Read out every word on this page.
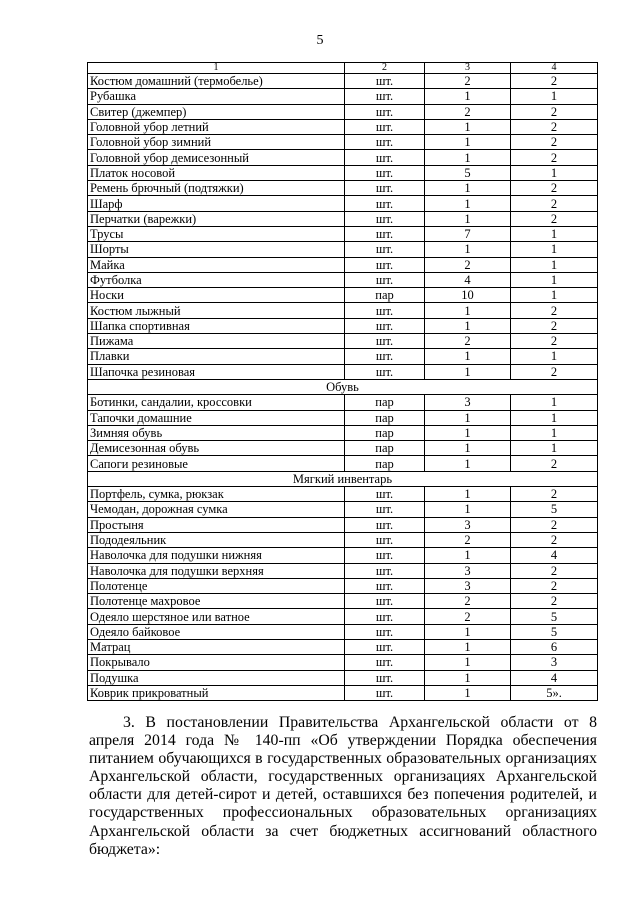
5
1	2	3	4
Костюм домашний (термобелье)	шт.	2	2
Рубашка	шт.	1	1
Свитер (джемпер)	шт.	2	2
Головной убор летний	шт.	1	2
Головной убор зимний	шт.	1	2
Головной убор демисезонный	шт.	1	2
Платок носовой	шт.	5	1
Ремень брючный (подтяжки)	шт.	1	2
Шарф	шт.	1	2
Перчатки (варежки)	шт.	1	2
Трусы	шт.	7	1
Шорты	шт.	1	1
Майка	шт.	2	1
Футболка	шт.	4	1
Носки	пар	10	1
Костюм лыжный	шт.	1	2
Шапка спортивная	шт.	1	2
Пижама	шт.	2	2
Плавки	шт.	1	1
Шапочка резиновая	шт.	1	2
Обувь			
Ботинки, сандалии, кроссовки	пар	3	1
Тапочки домашние	пар	1	1
Зимняя обувь	пар	1	1
Демисезонная обувь	пар	1	1
Сапоги резиновые	пар	1	2
Мягкий инвентарь			
Портфель, сумка, рюкзак	шт.	1	2
Чемодан, дорожная сумка	шт.	1	5
Простыня	шт.	3	2
Пододеяльник	шт.	2	2
Наволочка для подушки нижняя	шт.	1	4
Наволочка для подушки верхняя	шт.	3	2
Полотенце	шт.	3	2
Полотенце махровое	шт.	2	2
Одеяло шерстяное или ватное	шт.	2	5
Одеяло байковое	шт.	1	5
Матрац	шт.	1	6
Покрывало	шт.	1	3
Подушка	шт.	1	4
Коврик прикроватный	шт.	1	5».
3. В постановлении Правительства Архангельской области от 8 апреля 2014 года № 140-пп «Об утверждении Порядка обеспечения питанием обучающихся в государственных образовательных организациях Архангельской области, государственных организациях Архангельской области для детей-сирот и детей, оставшихся без попечения родителей, и государственных профессиональных образовательных организациях Архангельской области за счет бюджетных ассигнований областного бюджета»:
